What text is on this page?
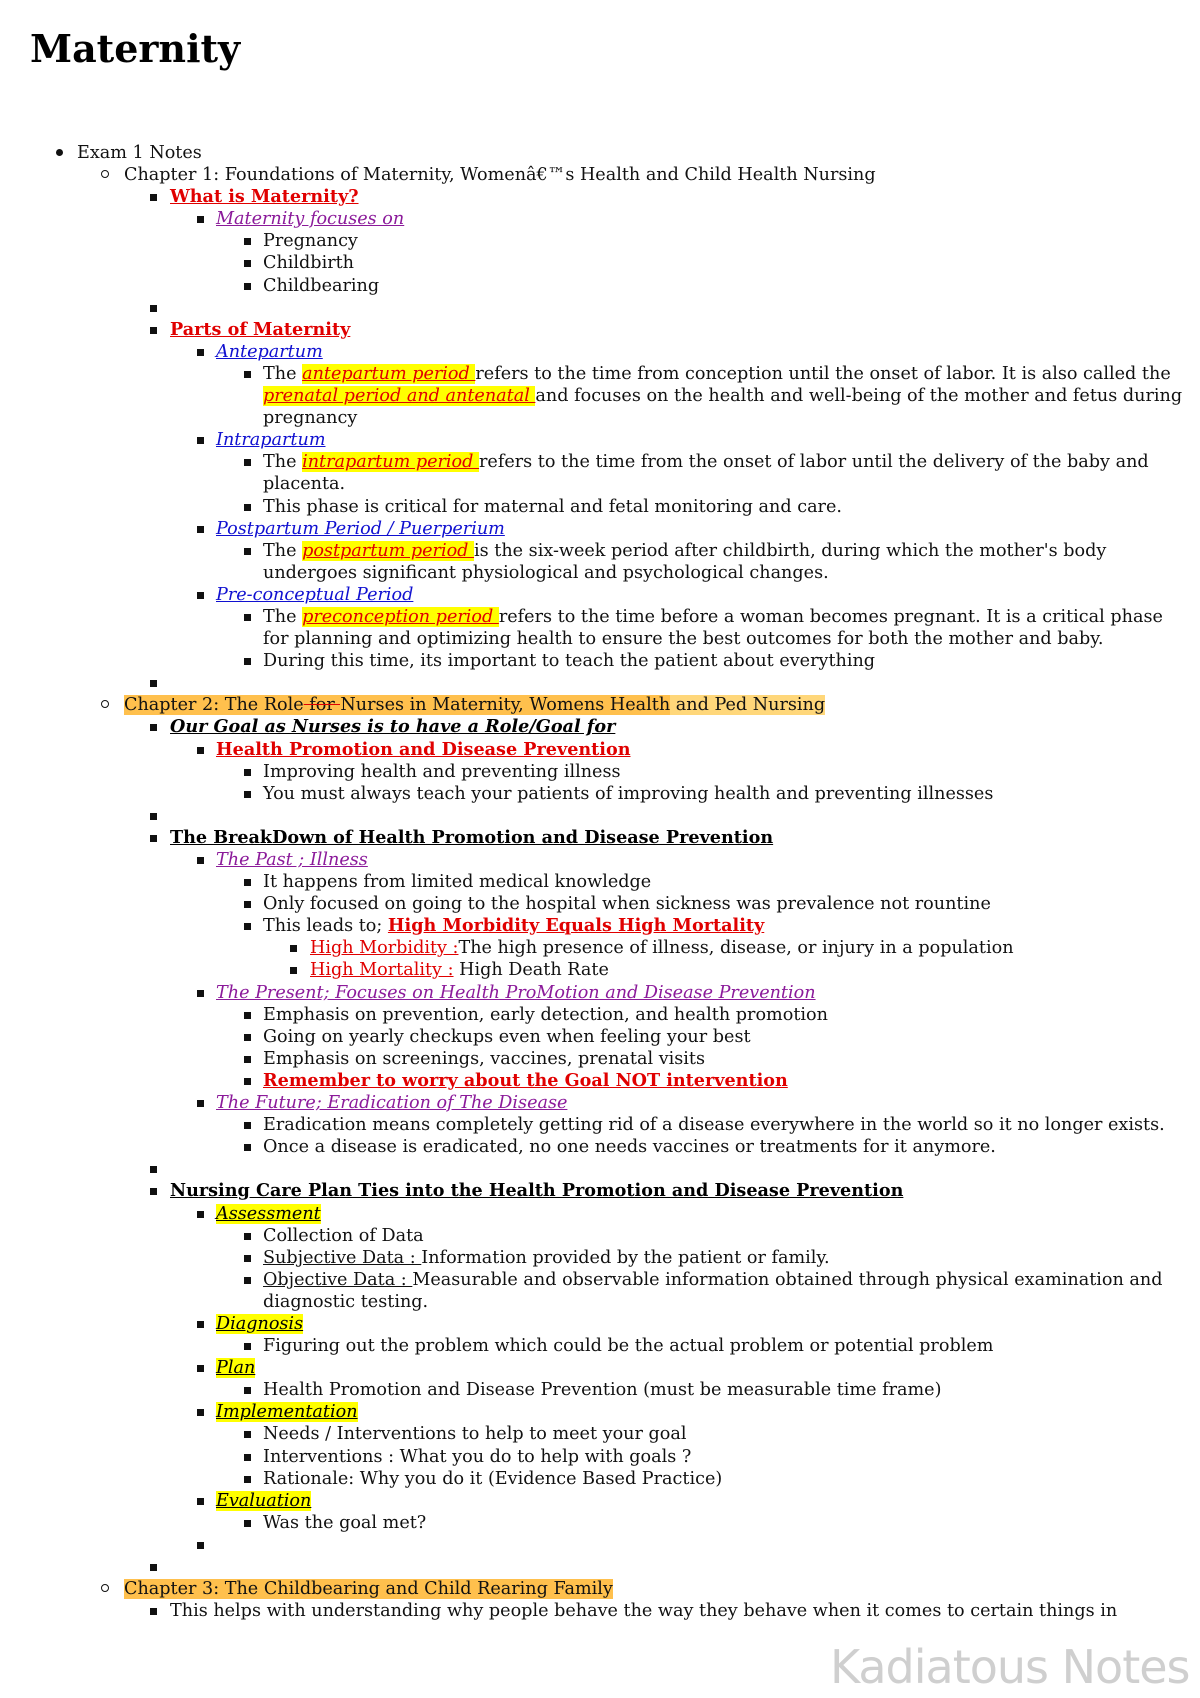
Maternity
Exam 1 Notes
Chapter 1: Foundations of Maternity, Womenâ€™s Health and Child Health Nursing
What is Maternity?
Maternity focuses on
Pregnancy
Childbirth
Childbearing

Parts of Maternity
Antepartum
The antepartum period refers to the time from conception until the onset of labor. It is also called the prenatal period and antenatal and focuses on the health and well-being of the mother and fetus during pregnancy
Intrapartum
The intrapartum period refers to the time from the onset of labor until the delivery of the baby and placenta.
This phase is critical for maternal and fetal monitoring and care.
Postpartum Period / Puerperium
The postpartum period is the six-week period after childbirth, during which the mother's body undergoes significant physiological and psychological changes.
Pre-conceptual Period
The preconception period refers to the time before a woman becomes pregnant. It is a critical phase for planning and optimizing health to ensure the best outcomes for both the mother and baby.
During this time, its important to teach the patient about everything

Chapter 2: The Role for Nurses in Maternity, Womens Health and Ped Nursing
Our Goal as Nurses is to have a Role/Goal for
Health Promotion and Disease Prevention
Improving health and preventing illness
You must always teach your patients of improving health and preventing illnesses

The BreakDown of Health Promotion and Disease Prevention
The Past ; Illness
It happens from limited medical knowledge
Only focused on going to the hospital when sickness was prevalence not rountine
This leads to; High Morbidity Equals High Mortality
High Morbidity :The high presence of illness, disease, or injury in a population
High Mortality : High Death Rate
The Present; Focuses on Health ProMotion and Disease Prevention
Emphasis on prevention, early detection, and health promotion
Going on yearly checkups even when feeling your best
Emphasis on screenings, vaccines, prenatal visits
Remember to worry about the Goal NOT intervention
The Future; Eradication of The Disease
Eradication means completely getting rid of a disease everywhere in the world so it no longer exists.
Once a disease is eradicated, no one needs vaccines or treatments for it anymore.

Nursing Care Plan Ties into the Health Promotion and Disease Prevention
Assessment
Collection of Data
Subjective Data : Information provided by the patient or family.
Objective Data : Measurable and observable information obtained through physical examination and diagnostic testing.
Diagnosis
Figuring out the problem which could be the actual problem or potential problem
Plan
Health Promotion and Disease Prevention (must be measurable time frame)
Implementation
Needs / Interventions to help to meet your goal
Interventions : What you do to help with goals ?
Rationale: Why you do it (Evidence Based Practice)
Evaluation
Was the goal met?

Chapter 3: The Childbearing and Child Rearing Family
This helps with understanding why people behave the way they behave when it comes to certain things in
Kadiatous Notes
